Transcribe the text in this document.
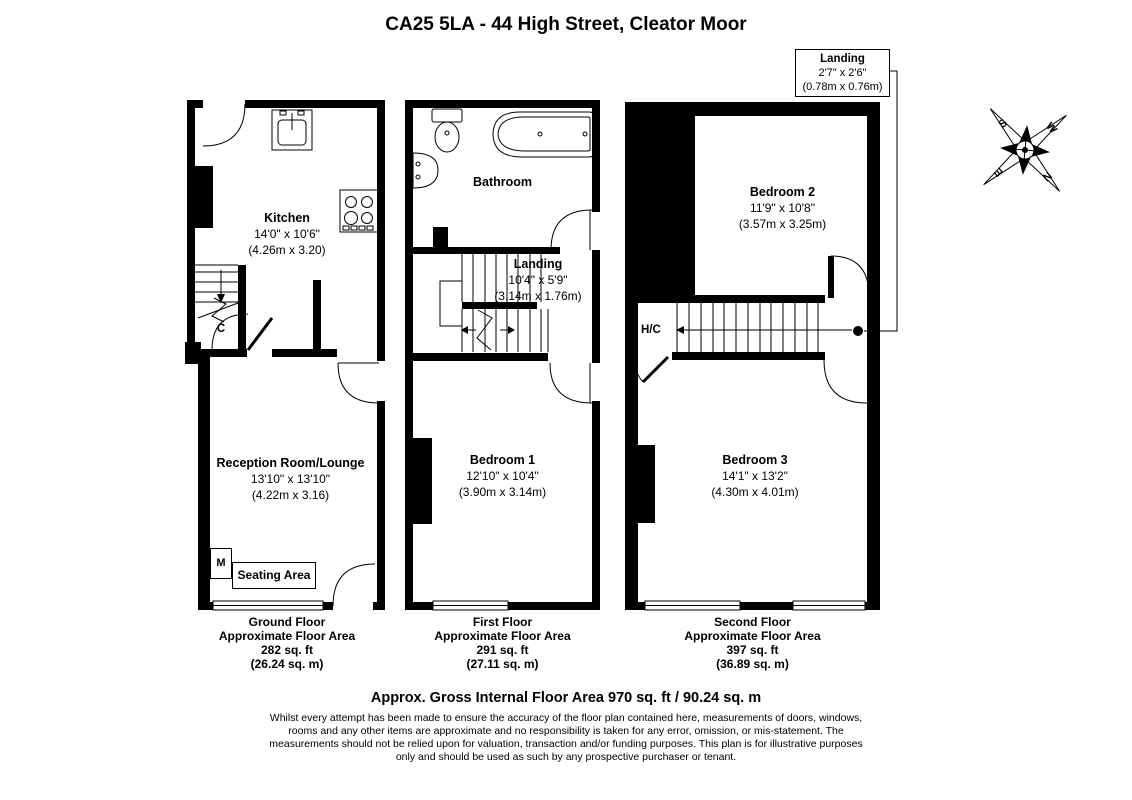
N
E
S	W
CA25 5LA - 44 High Street, Cleator Moor
Kitchen
14'0" x 10'6"
(4.26m x 3.20)
C
Reception Room/Lounge
13'10" x 13'10"
(4.22m x 3.16)
M
Seating Area
Ground Floor
Approximate Floor Area
282 sq. ft
(26.24 sq. m)
Bathroom
Landing
10'4" x 5'9"
(3.14m x 1.76m)
Bedroom 1
12'10" x 10'4"
(3.90m x 3.14m)
First Floor
Approximate Floor Area
291 sq. ft
(27.11 sq. m)
Landing
2'7" x 2'6"
(0.78m x 0.76m)
Bedroom 2
11'9" x 10'8"
(3.57m x 3.25m)
H/C
Bedroom 3
14'1" x 13'2"
(4.30m x 4.01m)
Second Floor
Approximate Floor Area
397 sq. ft
(36.89 sq. m)
Approx. Gross Internal Floor Area 970 sq. ft / 90.24 sq. m
Whilst every attempt has been made to ensure the accuracy of the floor plan contained here, measurements of doors, windows,
rooms and any other items are approximate and no responsibility is taken for any error, omission, or mis-statement. The
measurements should not be relied upon for valuation, transaction and/or funding purposes. This plan is for illustrative purposes
only and should be used as such by any prospective purchaser or tenant.
